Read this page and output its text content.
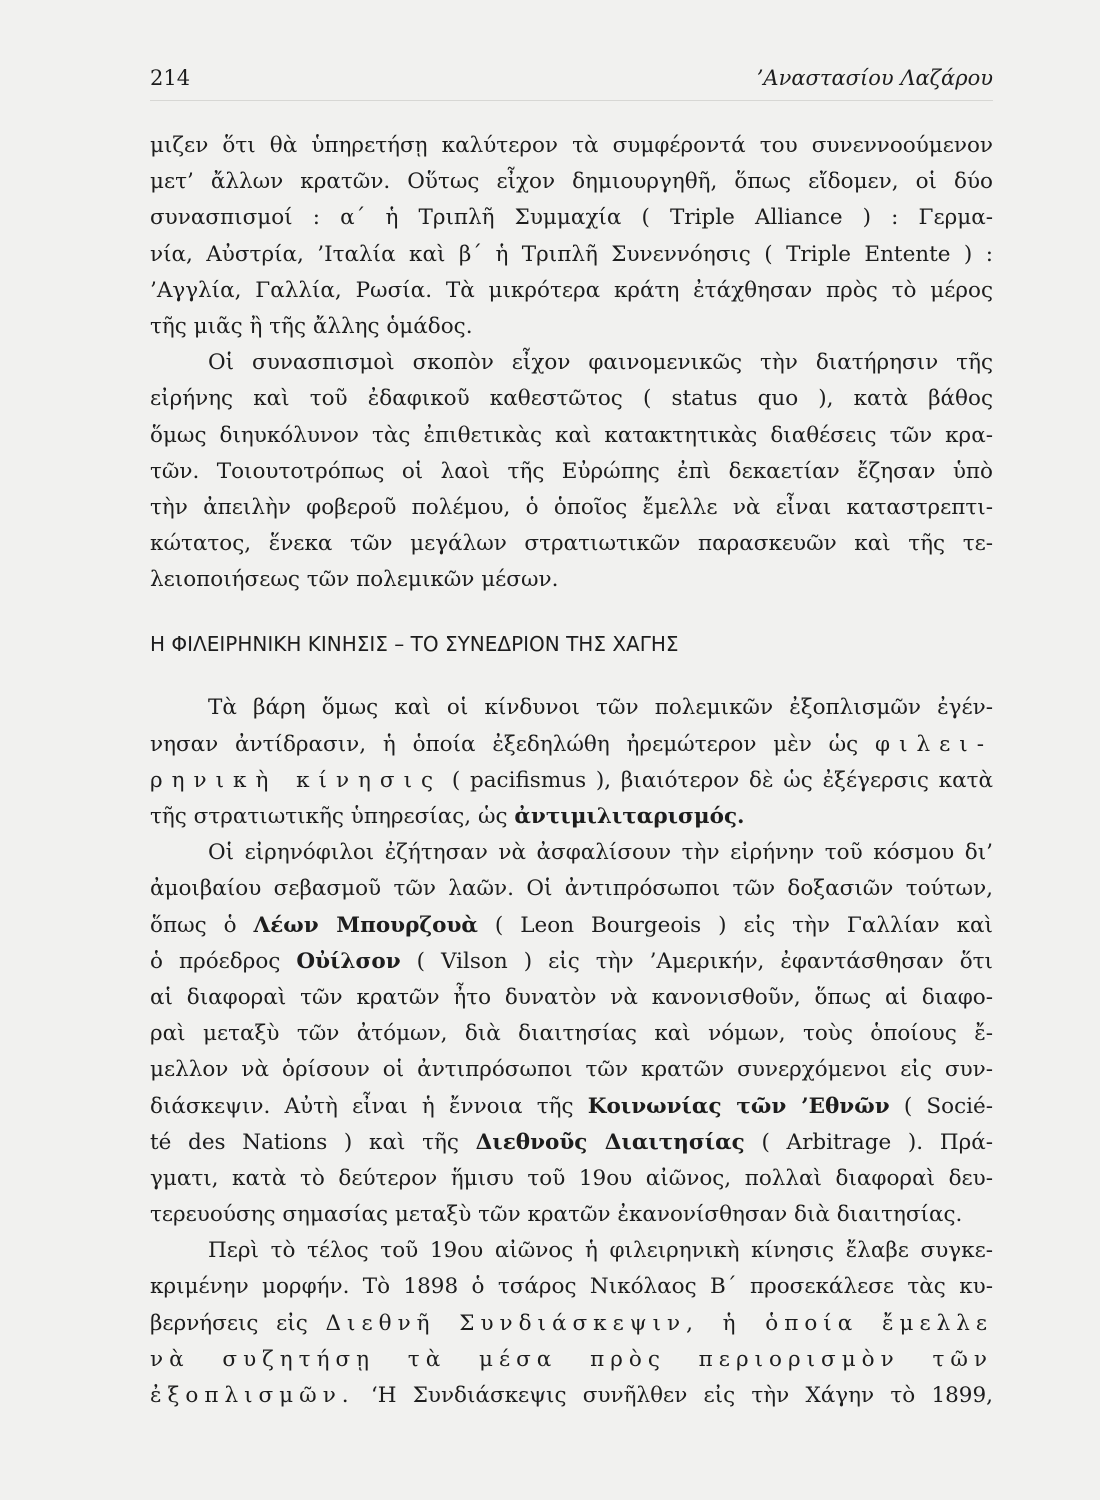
214	’Αναστασίου Λαζάρου
μιζεν ὅτι θὰ ὑπηρετήσῃ καλύτερον τὰ συμφέροντά του συνεννοούμενον
μετ’ ἄλλων κρατῶν. Οὕτως εἶχον δημιουργηθῆ, ὅπως εἴδομεν, οἱ δύο
συνασπισμοί : α΄ ἡ Τριπλῆ Συμμαχία ( Triple Alliance ) : Γερμα-
νία, Αὐστρία, ’Ιταλία καὶ β΄ ἡ Τριπλῆ Συνεννόησις ( Triple Entente ) :
’Αγγλία, Γαλλία, Ρωσία. Τὰ μικρότερα κράτη ἐτάχθησαν πρὸς τὸ μέρος
τῆς μιᾶς ἢ τῆς ἄλλης ὁμάδος.
Οἱ συνασπισμοὶ σκοπὸν εἶχον φαινομενικῶς τὴν διατήρησιν τῆς
εἰρήνης καὶ τοῦ ἐδαφικοῦ καθεστῶτος ( status quo ), κατὰ βάθος
ὅμως διηυκόλυνον τὰς ἐπιθετικὰς καὶ κατακτητικὰς διαθέσεις τῶν κρα-
τῶν. Τοιουτοτρόπως οἱ λαοὶ τῆς Εὐρώπης ἐπὶ δεκαετίαν ἔζησαν ὑπὸ
τὴν ἀπειλὴν φοβεροῦ πολέμου, ὁ ὁποῖος ἔμελλε νὰ εἶναι καταστρεπτι-
κώτατος, ἕνεκα τῶν μεγάλων στρατιωτικῶν παρασκευῶν καὶ τῆς τε-
λειοποιήσεως τῶν πολεμικῶν μέσων.
Η ΦΙΛΕΙΡΗΝΙΚΗ ΚΙΝΗΣΙΣ – ΤΟ ΣΥΝΕΔΡΙΟΝ ΤΗΣ ΧΑΓΗΣ
Τὰ βάρη ὅμως καὶ οἱ κίνδυνοι τῶν πολεμικῶν ἐξοπλισμῶν ἐγέν-
νησαν ἀντίδρασιν, ἡ ὁποία ἐξεδηλώθη ἠρεμώτερον μὲν ὡς φιλει-
ρηνικὴ κίνησις ( pacifismus ), βιαιότερον δὲ ὡς ἐξέγερσις κατὰ
τῆς στρατιωτικῆς ὑπηρεσίας, ὡς ἀντιμιλιταρισμός.
Οἱ εἰρηνόφιλοι ἐζήτησαν νὰ ἀσφαλίσουν τὴν εἰρήνην τοῦ κόσμου δι’
ἀμοιβαίου σεβασμοῦ τῶν λαῶν. Οἱ ἀντιπρόσωποι τῶν δοξασιῶν τούτων,
ὅπως ὁ Λέων Μπουρζουὰ ( Leon Bourgeois ) εἰς τὴν Γαλλίαν καὶ
ὁ πρόεδρος Οὐίλσον ( Vilson ) εἰς τὴν ’Αμερικήν, ἐφαντάσθησαν ὅτι
αἱ διαφοραὶ τῶν κρατῶν ἦτο δυνατὸν νὰ κανονισθοῦν, ὅπως αἱ διαφο-
ραὶ μεταξὺ τῶν ἀτόμων, διὰ διαιτησίας καὶ νόμων, τοὺς ὁποίους ἔ-
μελλον νὰ ὁρίσουν οἱ ἀντιπρόσωποι τῶν κρατῶν συνερχόμενοι εἰς συν-
διάσκεψιν. Αὐτὴ εἶναι ἡ ἔννοια τῆς Κοινωνίας τῶν ’Εθνῶν ( Socié-
té des Nations ) καὶ τῆς Διεθνοῦς Διαιτησίας ( Arbitrage ). Πρά-
γματι, κατὰ τὸ δεύτερον ἥμισυ τοῦ 19ου αἰῶνος, πολλαὶ διαφοραὶ δευ-
τερευούσης σημασίας μεταξὺ τῶν κρατῶν ἐκανονίσθησαν διὰ διαιτησίας.
Περὶ τὸ τέλος τοῦ 19ου αἰῶνος ἡ φιλειρηνικὴ κίνησις ἔλαβε συγκε-
κριμένην μορφήν. Τὸ 1898 ὁ τσάρος Νικόλαος Β΄ προσεκάλεσε τὰς κυ-
βερνήσεις εἰς Διεθνῆ Συνδιάσκεψιν, ἡ ὁποία ἔμελλε
νὰ συζητήσῃ τὰ μέσα πρὸς περιορισμὸν τῶν
ἐξοπλισμῶν. ‘Η Συνδιάσκεψις συνῆλθεν εἰς τὴν Χάγην τὸ 1899,
